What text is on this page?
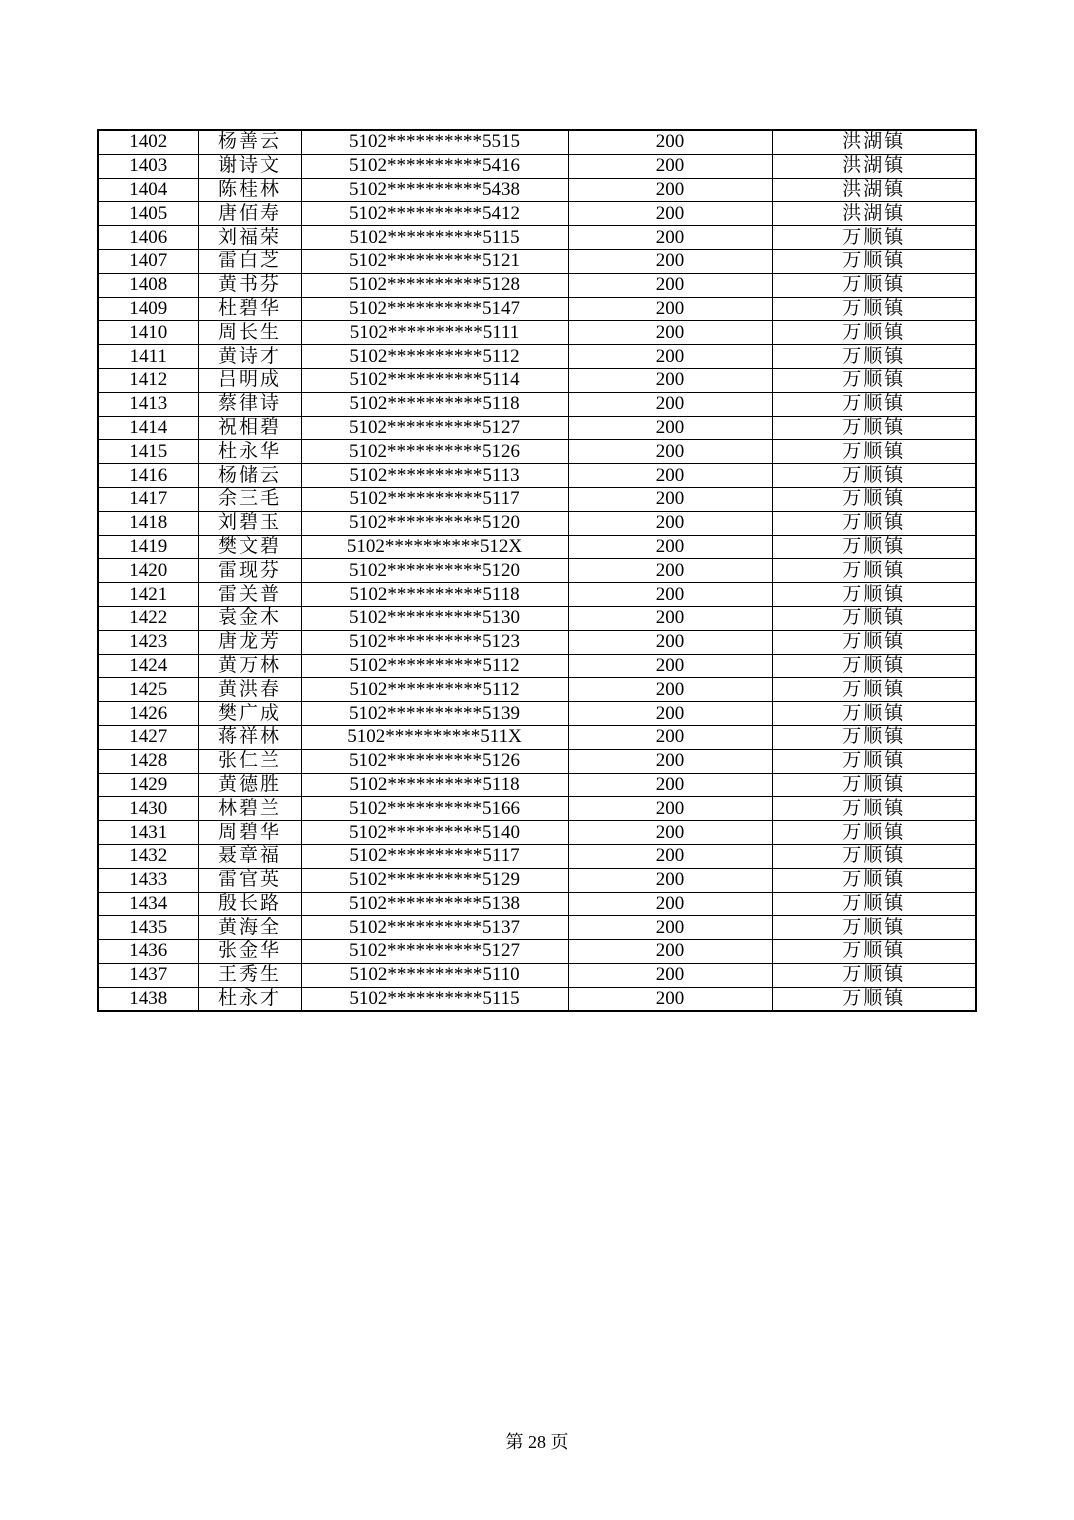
1402	杨善云	5102**********5515	200	洪湖镇
1403	谢诗文	5102**********5416	200	洪湖镇
1404	陈桂林	5102**********5438	200	洪湖镇
1405	唐佰寿	5102**********5412	200	洪湖镇
1406	刘福荣	5102**********5115	200	万顺镇
1407	雷白芝	5102**********5121	200	万顺镇
1408	黄书芬	5102**********5128	200	万顺镇
1409	杜碧华	5102**********5147	200	万顺镇
1410	周长生	5102**********5111	200	万顺镇
1411	黄诗才	5102**********5112	200	万顺镇
1412	吕明成	5102**********5114	200	万顺镇
1413	蔡律诗	5102**********5118	200	万顺镇
1414	祝相碧	5102**********5127	200	万顺镇
1415	杜永华	5102**********5126	200	万顺镇
1416	杨储云	5102**********5113	200	万顺镇
1417	余三毛	5102**********5117	200	万顺镇
1418	刘碧玉	5102**********5120	200	万顺镇
1419	樊文碧	5102**********512X	200	万顺镇
1420	雷现芬	5102**********5120	200	万顺镇
1421	雷关普	5102**********5118	200	万顺镇
1422	袁金木	5102**********5130	200	万顺镇
1423	唐龙芳	5102**********5123	200	万顺镇
1424	黄万林	5102**********5112	200	万顺镇
1425	黄洪春	5102**********5112	200	万顺镇
1426	樊广成	5102**********5139	200	万顺镇
1427	蒋祥林	5102**********511X	200	万顺镇
1428	张仁兰	5102**********5126	200	万顺镇
1429	黄德胜	5102**********5118	200	万顺镇
1430	林碧兰	5102**********5166	200	万顺镇
1431	周碧华	5102**********5140	200	万顺镇
1432	聂章福	5102**********5117	200	万顺镇
1433	雷官英	5102**********5129	200	万顺镇
1434	殷长路	5102**********5138	200	万顺镇
1435	黄海全	5102**********5137	200	万顺镇
1436	张金华	5102**********5127	200	万顺镇
1437	王秀生	5102**********5110	200	万顺镇
1438	杜永才	5102**********5115	200	万顺镇
第 28 页
